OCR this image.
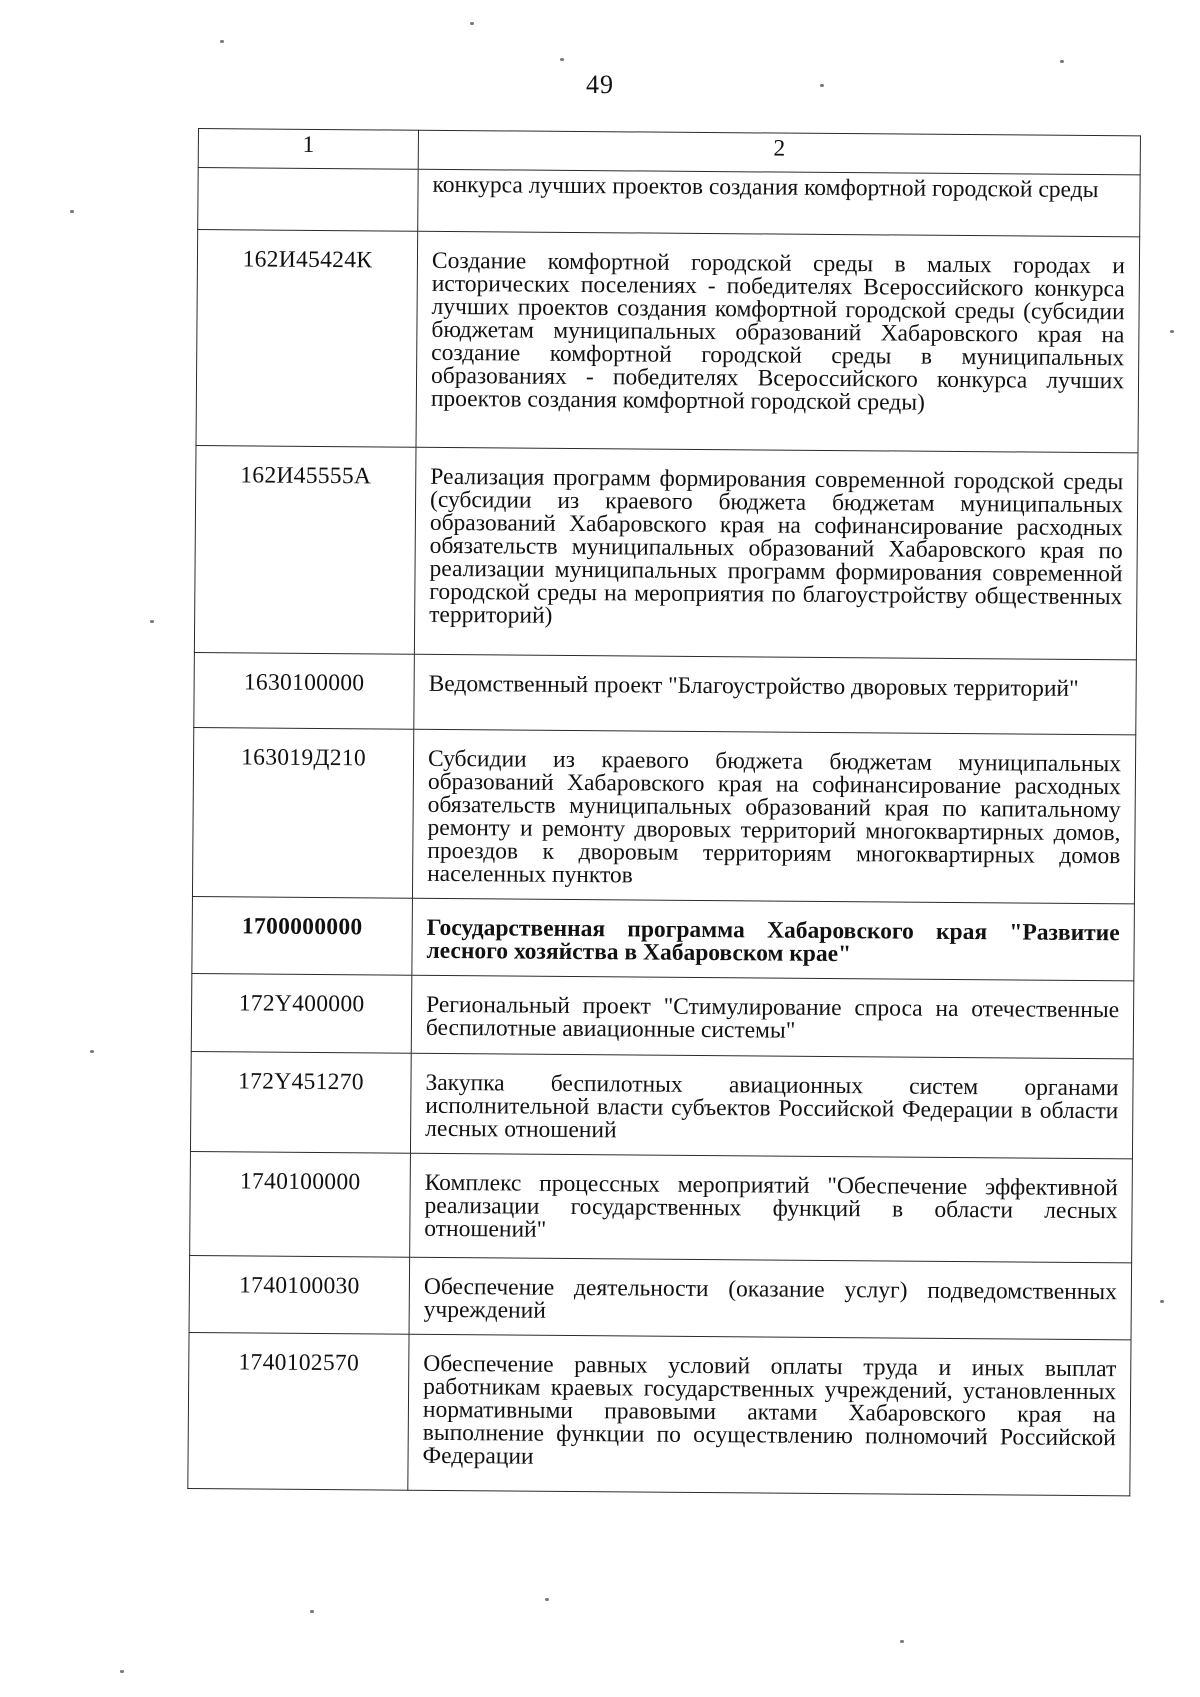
49
1	2
	конкурса лучших проектов создания комфортной городской среды
162И45424К	Создание комфортной городской среды в малых городах и исторических поселениях - победителях Всероссийского конкурса лучших проектов создания комфортной городской среды (субсидии бюджетам муниципальных образований Хабаровского края на создание комфортной городской среды в муниципальных образованиях - победителях Всероссийского конкурса лучших проектов создания комфортной городской среды)
162И45555А	Реализация программ формирования современной городской среды (субсидии из краевого бюджета бюджетам муниципальных образований Хабаровского края на софинансирование расходных обязательств муниципальных образований Хабаровского края по реализации муниципальных программ формирования современной городской среды на мероприятия по благоустройству общественных территорий)
1630100000	Ведомственный проект "Благоустройство дворовых территорий"
163019Д210	Субсидии из краевого бюджета бюджетам муниципальных образований Хабаровского края на софинансирование расходных обязательств муниципальных образований края по капитальному ремонту и ремонту дворовых территорий многоквартирных домов, проездов к дворовым территориям многоквартирных домов населенных пунктов
1700000000	Государственная программа Хабаровского края "Развитие лесного хозяйства в Хабаровском крае"
172Y400000	Региональный проект "Стимулирование спроса на отечественные беспилотные авиационные системы"
172Y451270	Закупка беспилотных авиационных систем органами исполнительной власти субъектов Российской Федерации в области лесных отношений
1740100000	Комплекс процессных мероприятий "Обеспечение эффективной реализации государственных функций в области лесных отношений"
1740100030	Обеспечение деятельности (оказание услуг) подведомственных учреждений
1740102570	Обеспечение равных условий оплаты труда и иных выплат работникам краевых государственных учреждений, установленных нормативными правовыми актами Хабаровского края на выполнение функции по осуществлению полномочий Российской Федерации
